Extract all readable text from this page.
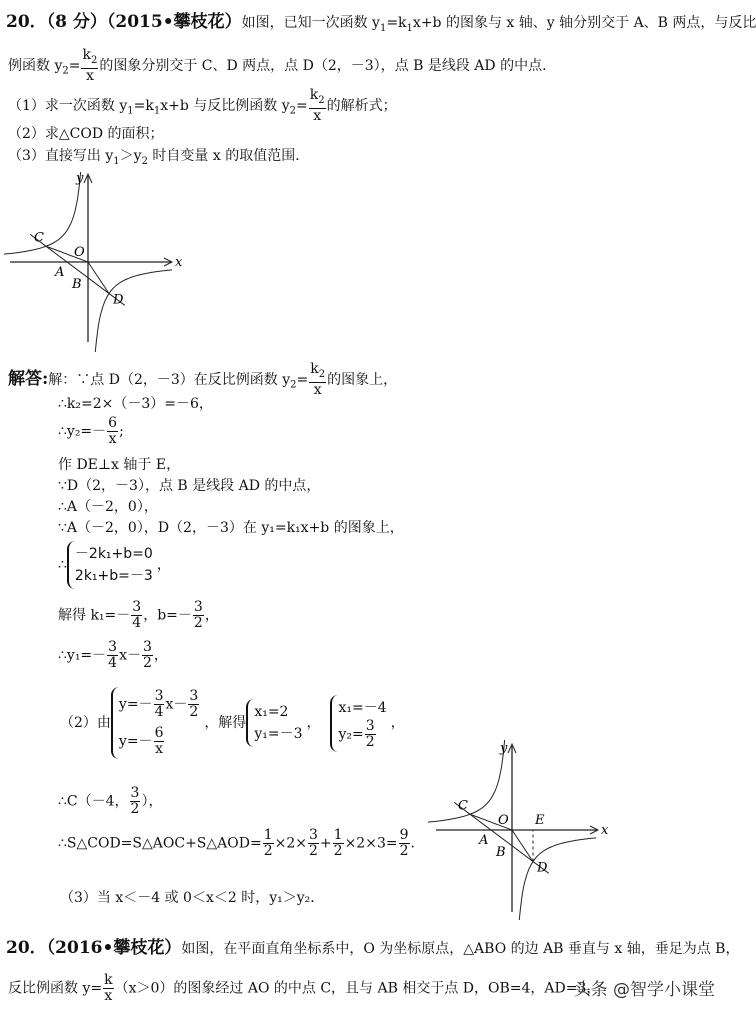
20．（8 分）（2015•攀枝花）如图，已知一次函数 $y_1=k_1x+b$ 的图象与 x 轴、y 轴分别交于 A、B 两点，与反比
例函数 $y_2= \frac{k_2}{x}$ 的图象分别交于 C、D 两点，点 D（2，－3），点 B 是线段 AD 的中点．
（1）求一次函数 $y_1=k_1x+b$ 与反比例函数 $y_2= \frac{k_2}{x}$ 的解析式；
（2）求△COD 的面积；
（3）直接写出 $y_1>y_2$ 时自变量 x 的取值范围．
C
O
A
B
D
x
y
解答:解：∵点 D（2，－3）在反比例函数 $y_2= \frac{k_2}{x}$ 的图象上，
∴k₂=2×（－3）=－6，
∴y₂=－ $\frac{6}{x}$ ;
作 DE⊥x 轴于 E，
∵D（2，－3），点 B 是线段 AD 的中点，
∴A（－2，0），
∵A（－2，0），D（2，－3）在 y₁=k₁x+b 的图象上，
∴
－2k₁+b=0
2k₁+b=－3
，
解得 $k_1=- \frac{3}{4}$ ，$b=- \frac{3}{2}$ ，
∴y₁=－ $\frac{3}{4} x- \frac{3}{2}$ ，
（2）由
$y=- \frac{3}{4} x- \frac{3}{2}$
$y=- \frac{6}{x}$
，解得
x₁=2
y₁=－3
，
x₁=－4
$y_2= \frac{3}{2}$ ，
∴C（－4， $\frac{3}{2}$ ），
∴S△COD=S△AOC+S△AOD= $\frac{1}{2} \times 2\times \frac{3}{2} + \frac{1}{2} \times 2\times 3= \frac{9}{2}$ ．
（3）当 x＜－4 或 0＜x＜2 时，y₁＞y₂．
C
O
A
B
D
x
y
E
20．（2016•攀枝花）如图，在平面直角坐标系中，O 为坐标原点，△ABO 的边 AB 垂直与 x 轴，垂足为点 B，
反比例函数 $y= \frac{k}{x} (x>0)$的图象经过 AO 的中点 C，且与 AB 相交于点 D，OB=4，AD=3，
头条 @智学小课堂
